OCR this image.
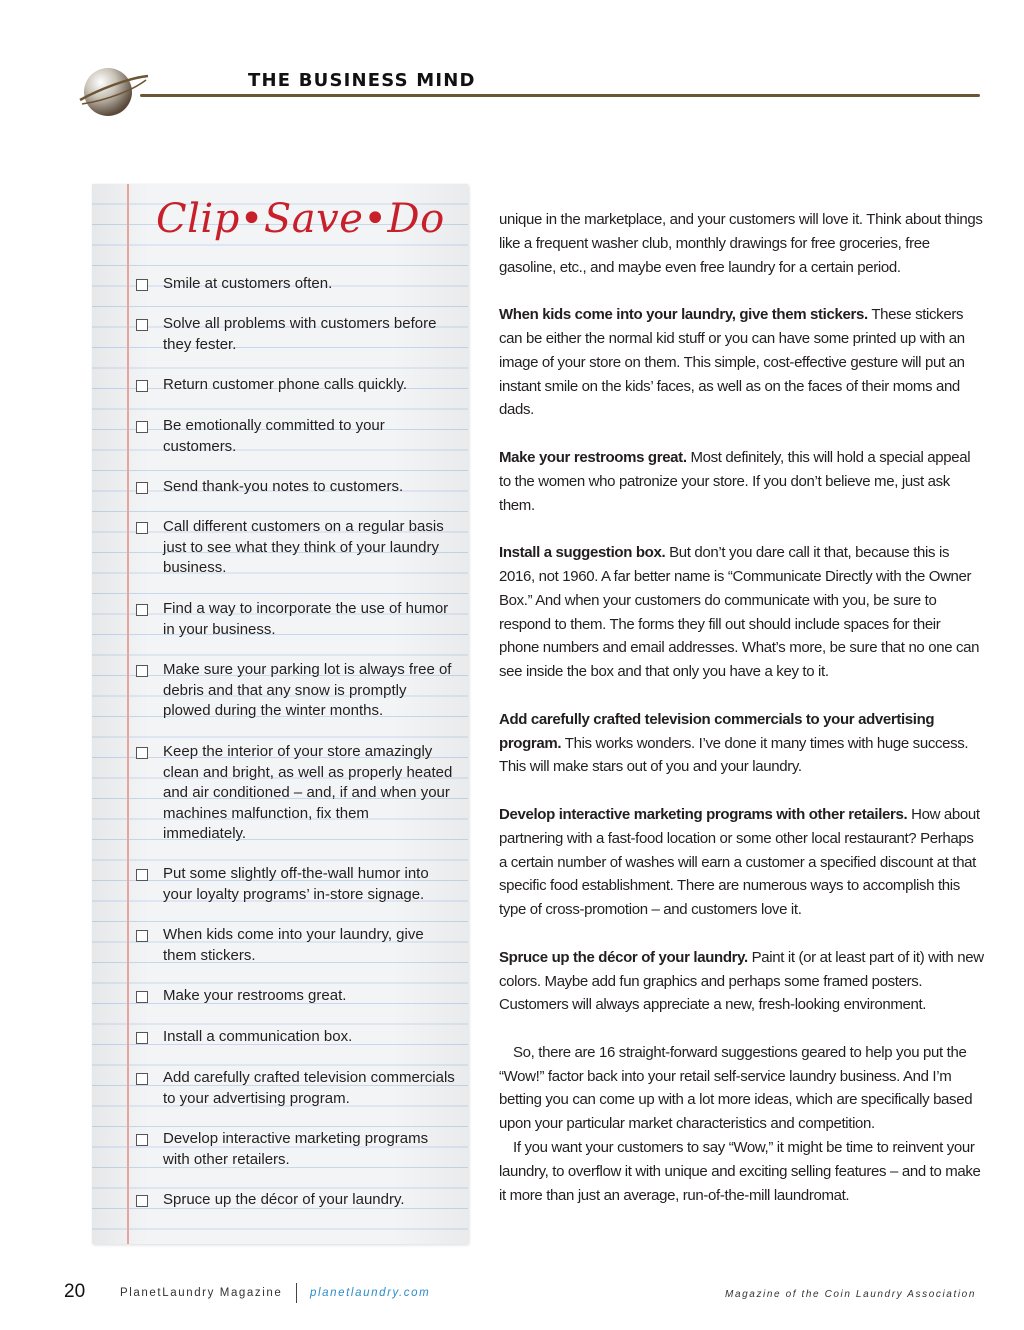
THE BUSINESS MIND
Clip•Save•Do
Smile at customers often.
Solve all problems with customers before they fester.
Return customer phone calls quickly.
Be emotionally committed to your customers.
Send thank-you notes to customers.
Call different customers on a regular basis just to see what they think of your laundry business.
Find a way to incorporate the use of humor in your business.
Make sure your parking lot is always free of debris and that any snow is promptly plowed during the winter months.
Keep the interior of your store amazingly clean and bright, as well as properly heated and air conditioned – and, if and when your machines malfunction, fix them immediately.
Put some slightly off-the-wall humor into your loyalty programs’ in-store signage.
When kids come into your laundry, give them stickers.
Make your restrooms great.
Install a communication box.
Add carefully crafted television commercials to your advertising program.
Develop interactive marketing programs with other retailers.
Spruce up the décor of your laundry.

unique in the marketplace, and your customers will love it. Think about things like a frequent washer club, monthly drawings for free groceries, free gasoline, etc., and maybe even free laundry for a certain period.

When kids come into your laundry, give them stickers. These stickers can be either the normal kid stuff or you can have some printed up with an image of your store on them. This simple, cost-effective gesture will put an instant smile on the kids’ faces, as well as on the faces of their moms and dads.

Make your restrooms great. Most definitely, this will hold a special appeal to the women who patronize your store. If you don’t believe me, just ask them.

Install a suggestion box. But don’t you dare call it that, because this is 2016, not 1960. A far better name is “Communicate Directly with the Owner Box.” And when your customers do communicate with you, be sure to respond to them. The forms they fill out should include spaces for their phone numbers and email addresses. What’s more, be sure that no one can see inside the box and that only you have a key to it.

Add carefully crafted television commercials to your advertising program. This works wonders. I’ve done it many times with huge success. This will make stars out of you and your laundry.

Develop interactive marketing programs with other retailers. How about partnering with a fast-food location or some other local restaurant? Perhaps a certain number of washes will earn a customer a specified discount at that specific food establishment. There are numerous ways to accomplish this type of cross-promotion – and customers love it.

Spruce up the décor of your laundry. Paint it (or at least part of it) with new colors. Maybe add fun graphics and perhaps some framed posters. Customers will always appreciate a new, fresh-looking environment.

So, there are 16 straight-forward suggestions geared to help you put the “Wow!” factor back into your retail self-service laundry business. And I’m betting you can come up with a lot more ideas, which are specifically based upon your particular market characteristics and competition.

If you want your customers to say “Wow,” it might be time to reinvent your laundry, to overflow it with unique and exciting selling features – and to make it more than just an average, run-of-the-mill laundromat.

20	PlanetLaundry Magazine planetlaundry.com	Magazine of the Coin Laundry Association
